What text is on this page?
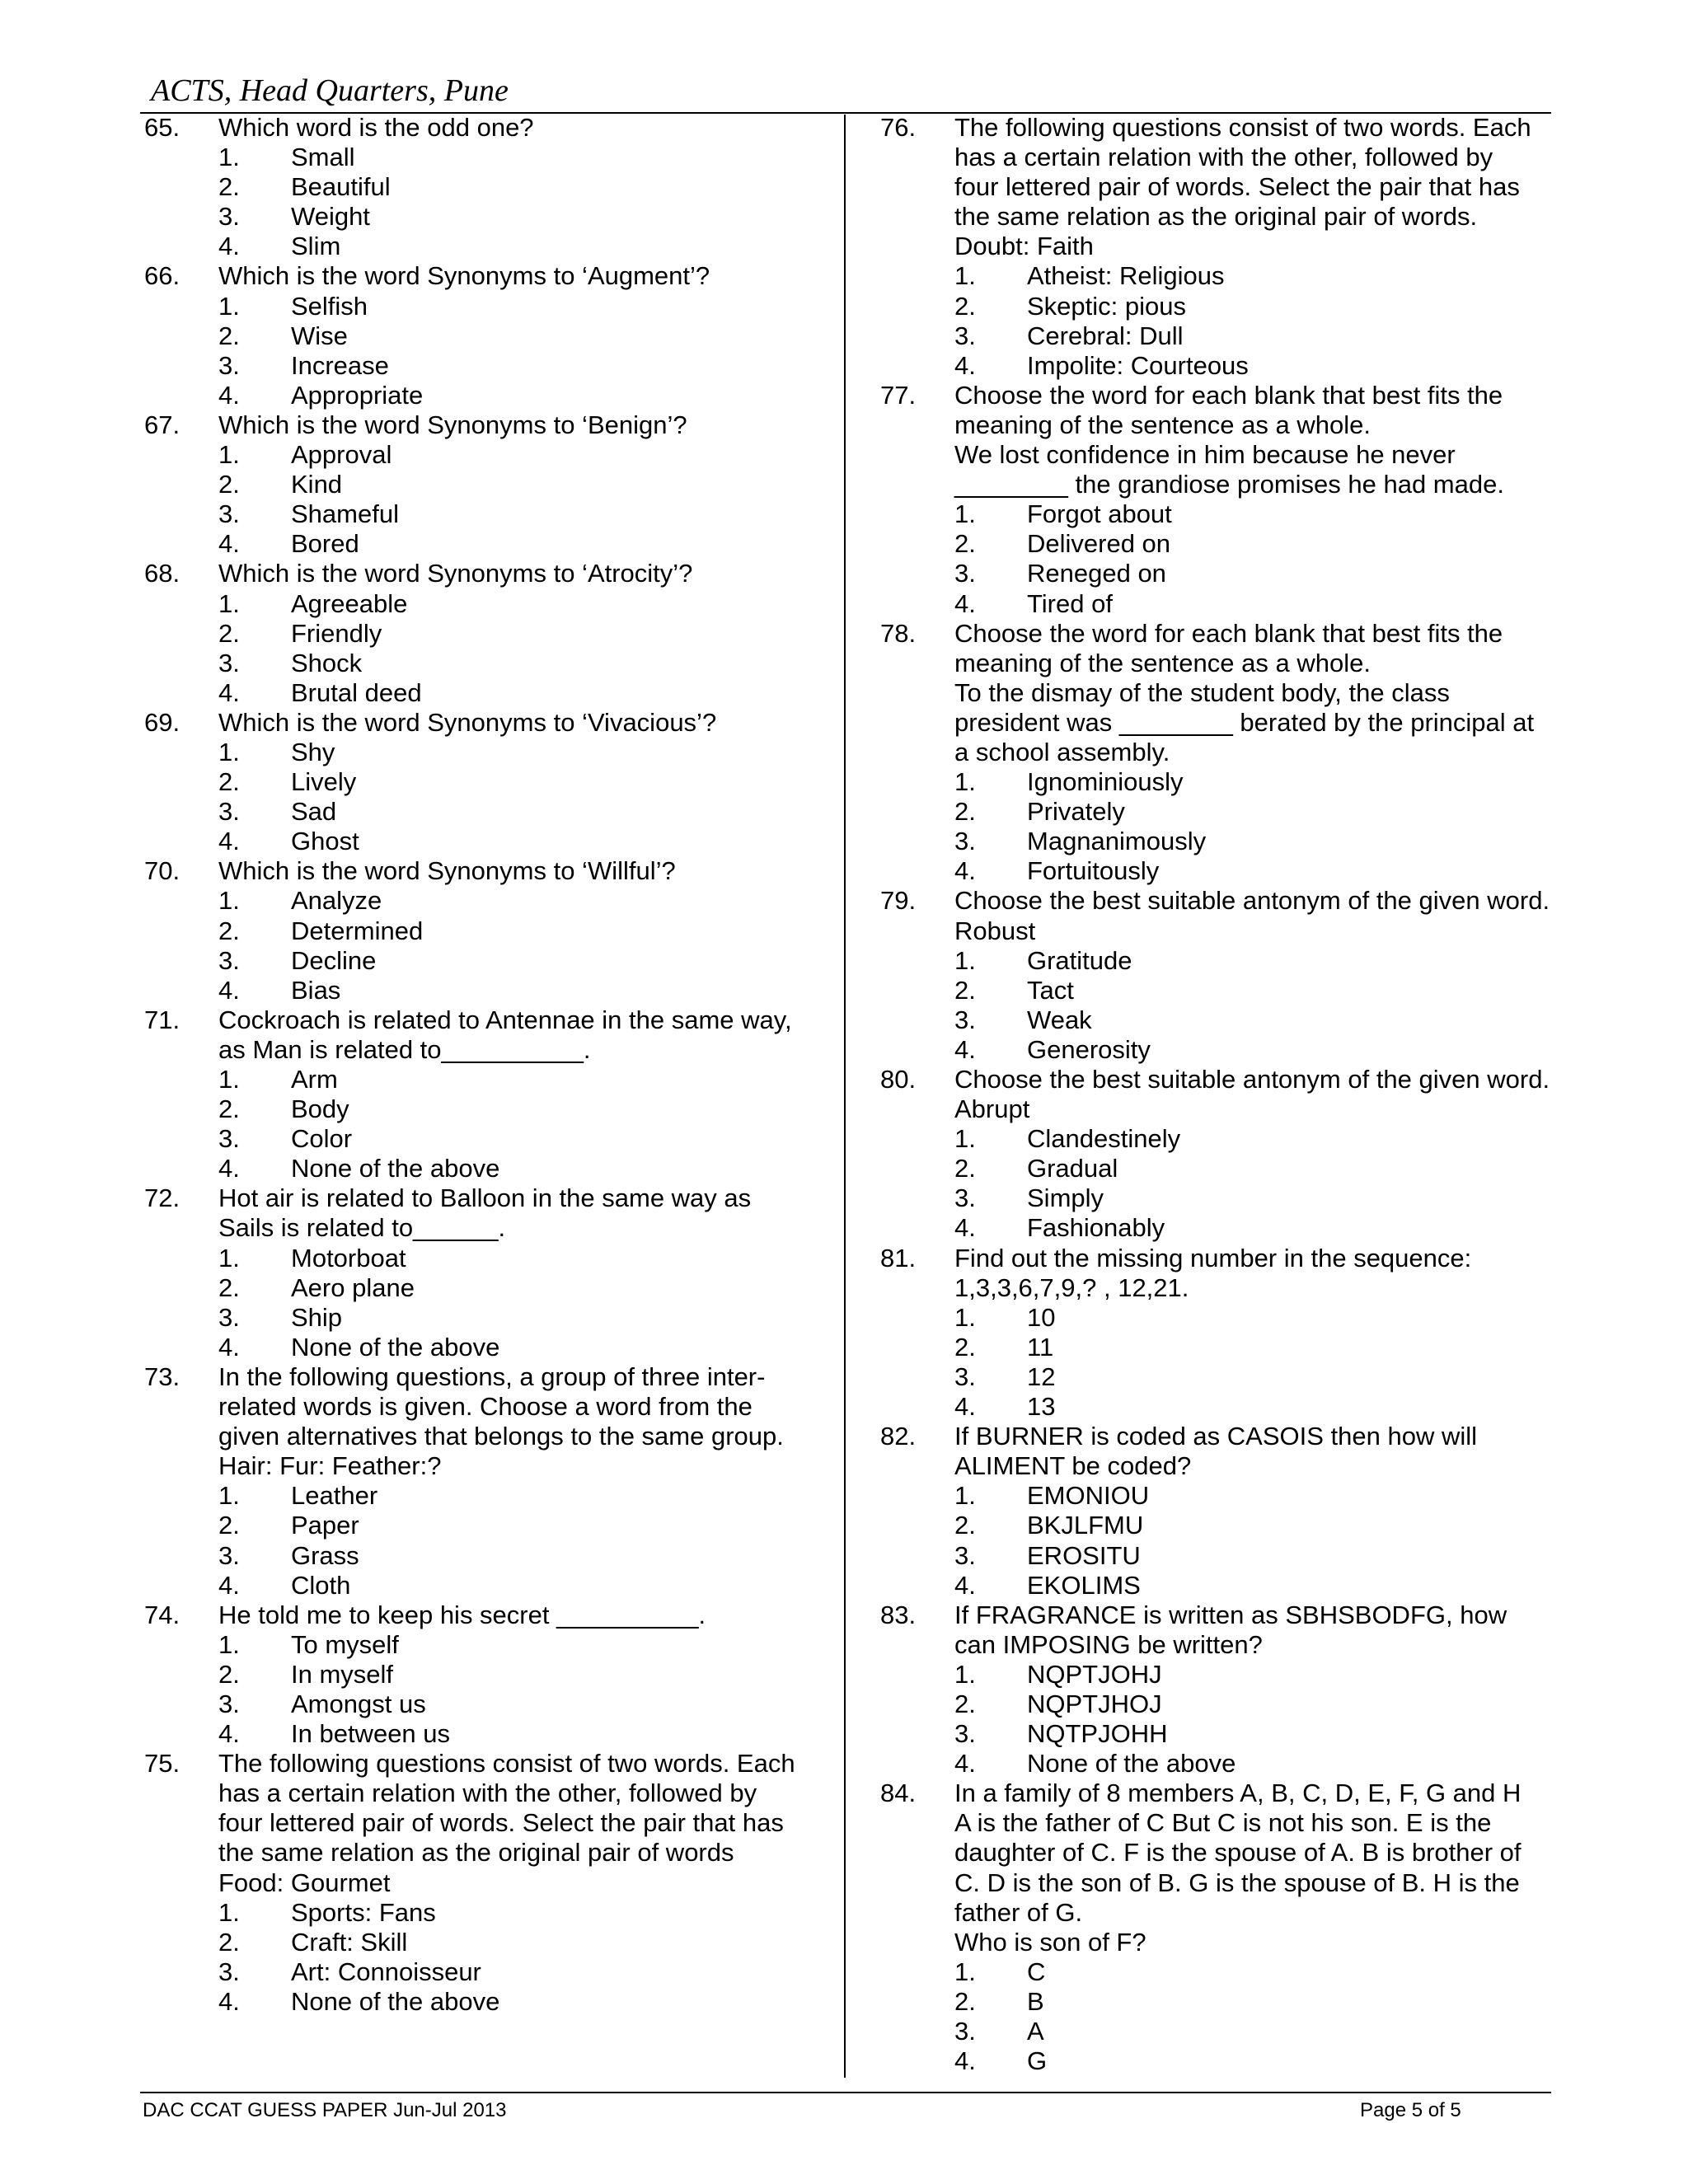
ACTS, Head Quarters, Pune
65. Which word is the odd one?
1. Small
2. Beautiful
3. Weight
4. Slim
66. Which is the word Synonyms to ‘Augment’?
1. Selfish
2. Wise
3. Increase
4. Appropriate
67. Which is the word Synonyms to ‘Benign’?
1. Approval
2. Kind
3. Shameful
4. Bored
68. Which is the word Synonyms to ‘Atrocity’?
1. Agreeable
2. Friendly
3. Shock
4. Brutal deed
69. Which is the word Synonyms to ‘Vivacious’?
1. Shy
2. Lively
3. Sad
4. Ghost
70. Which is the word Synonyms to ‘Willful’?
1. Analyze
2. Determined
3. Decline
4. Bias
71. Cockroach is related to Antennae in the same way,
as Man is related to__________.
1. Arm
2. Body
3. Color
4. None of the above
72. Hot air is related to Balloon in the same way as
Sails is related to______.
1. Motorboat
2. Aero plane
3. Ship
4. None of the above
73. In the following questions, a group of three inter-
related words is given. Choose a word from the
given alternatives that belongs to the same group.
Hair: Fur: Feather:?
1. Leather
2. Paper
3. Grass
4. Cloth
74. He told me to keep his secret __________.
1. To myself
2. In myself
3. Amongst us
4. In between us
75. The following questions consist of two words. Each
has a certain relation with the other, followed by
four lettered pair of words. Select the pair that has
the same relation as the original pair of words
Food: Gourmet
1. Sports: Fans
2. Craft: Skill
3. Art: Connoisseur
4. None of the above
76. The following questions consist of two words. Each
has a certain relation with the other, followed by
four lettered pair of words. Select the pair that has
the same relation as the original pair of words.
Doubt: Faith
1. Atheist: Religious
2. Skeptic: pious
3. Cerebral: Dull
4. Impolite: Courteous
77. Choose the word for each blank that best fits the
meaning of the sentence as a whole.
We lost confidence in him because he never
________ the grandiose promises he had made.
1. Forgot about
2. Delivered on
3. Reneged on
4. Tired of
78. Choose the word for each blank that best fits the
meaning of the sentence as a whole.
To the dismay of the student body, the class
president was ________ berated by the principal at
a school assembly.
1. Ignominiously
2. Privately
3. Magnanimously
4. Fortuitously
79. Choose the best suitable antonym of the given word.
Robust
1. Gratitude
2. Tact
3. Weak
4. Generosity
80. Choose the best suitable antonym of the given word.
Abrupt
1. Clandestinely
2. Gradual
3. Simply
4. Fashionably
81. Find out the missing number in the sequence:
1,3,3,6,7,9,? , 12,21.
1. 10
2. 11
3. 12
4. 13
82. If BURNER is coded as CASOIS then how will
ALIMENT be coded?
1. EMONIOU
2. BKJLFMU
3. EROSITU
4. EKOLIMS
83. If FRAGRANCE is written as SBHSBODFG, how
can IMPOSING be written?
1. NQPTJOHJ
2. NQPTJHOJ
3. NQTPJOHH
4. None of the above
84. In a family of 8 members A, B, C, D, E, F, G and H
A is the father of C But C is not his son. E is the
daughter of C. F is the spouse of A. B is brother of
C. D is the son of B. G is the spouse of B. H is the
father of G.
Who is son of F?
1. C
2. B
3. A
4. G
DAC CCAT GUESS PAPER Jun-Jul 2013	Page 5 of 5
